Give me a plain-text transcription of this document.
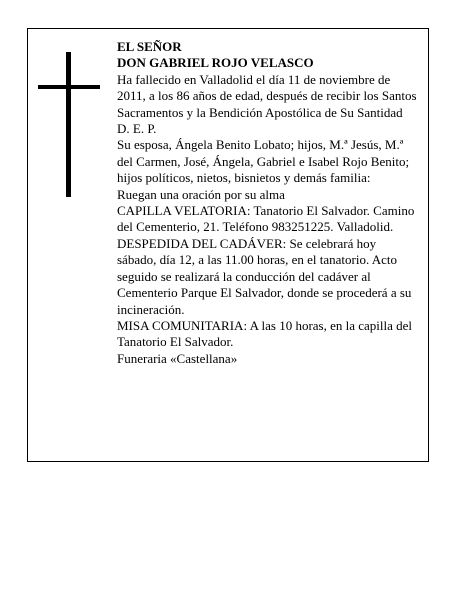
EL SEÑOR
DON GABRIEL ROJO VELASCO
Ha fallecido en Valladolid el día 11 de noviembre de 2011, a los 86 años de edad, después de recibir los Santos Sacramentos y la Bendición Apostólica de Su Santidad
D. E. P.
Su esposa, Ángela Benito Lobato; hijos, M.ª Jesús, M.ª del Carmen, José, Ángela, Gabriel e Isabel Rojo Benito; hijos políticos, nietos, bisnietos y demás familia:
Ruegan una oración por su alma
CAPILLA VELATORIA: Tanatorio El Salvador. Camino del Cementerio, 21. Teléfono 983251225. Valladolid.
DESPEDIDA DEL CADÁVER: Se celebrará hoy sábado, día 12, a las 11.00 horas, en el tanatorio. Acto seguido se realizará la conducción del cadáver al Cementerio Parque El Salvador, donde se procederá a su incineración.
MISA COMUNITARIA: A las 10 horas, en la capilla del Tanatorio El Salvador.
Funeraria «Castellana»
